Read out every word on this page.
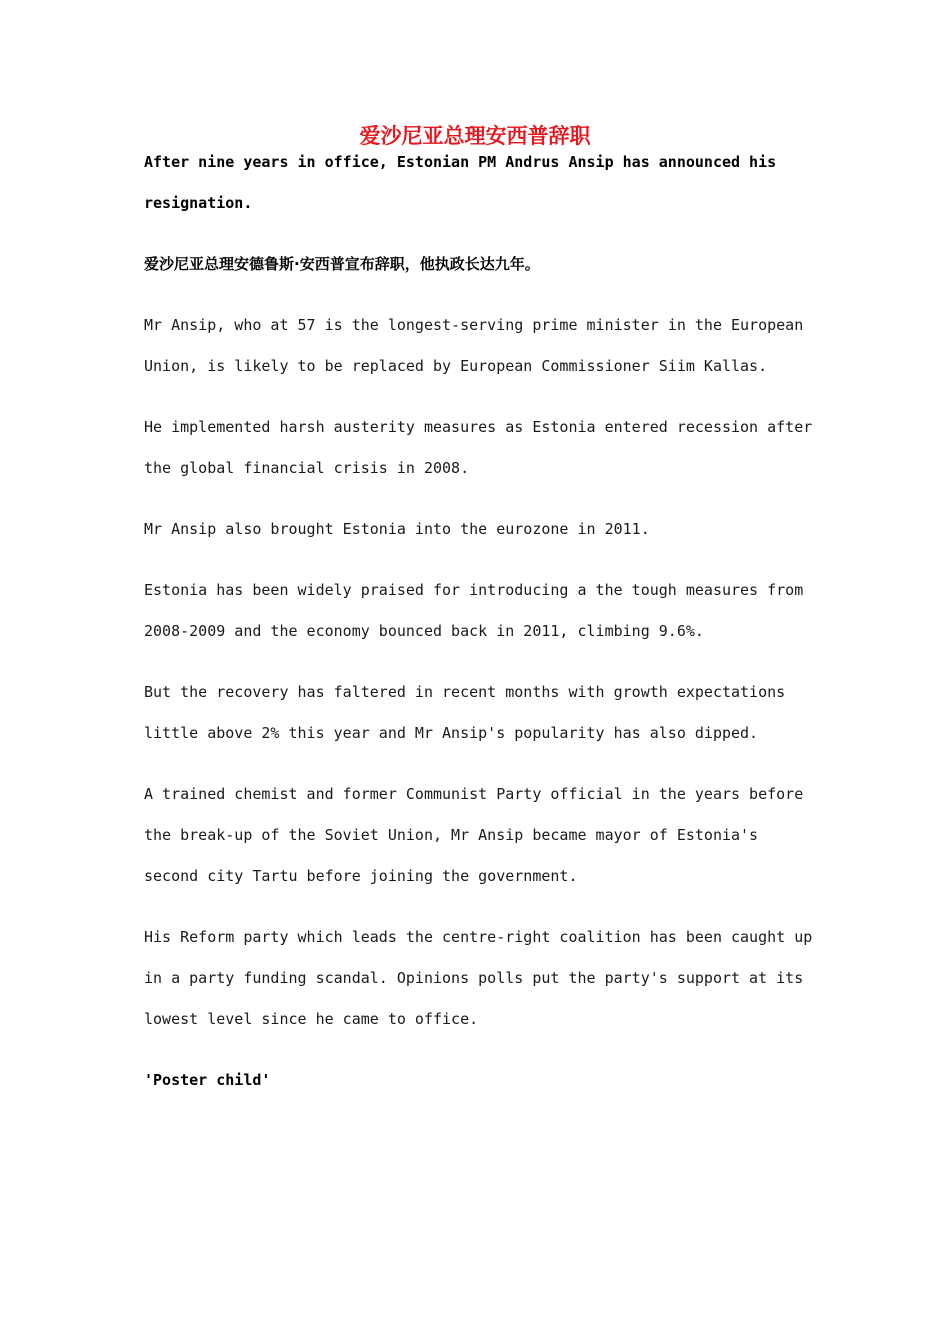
爱沙尼亚总理安西普辞职

After nine years in office, Estonian PM Andrus Ansip has announced his resignation.

爱沙尼亚总理安德鲁斯·安西普宣布辞职，他执政长达九年。

Mr Ansip, who at 57 is the longest-serving prime minister in the European Union, is likely to be replaced by European Commissioner Siim Kallas.

He implemented harsh austerity measures as Estonia entered recession after the global financial crisis in 2008.

Mr Ansip also brought Estonia into the eurozone in 2011.

Estonia has been widely praised for introducing a the tough measures from 2008-2009 and the economy bounced back in 2011, climbing 9.6%.

But the recovery has faltered in recent months with growth expectations little above 2% this year and Mr Ansip's popularity has also dipped.

A trained chemist and former Communist Party official in the years before the break-up of the Soviet Union, Mr Ansip became mayor of Estonia's second city Tartu before joining the government.

His Reform party which leads the centre-right coalition has been caught up in a party funding scandal. Opinions polls put the party's support at its lowest level since he came to office.

'Poster child'
